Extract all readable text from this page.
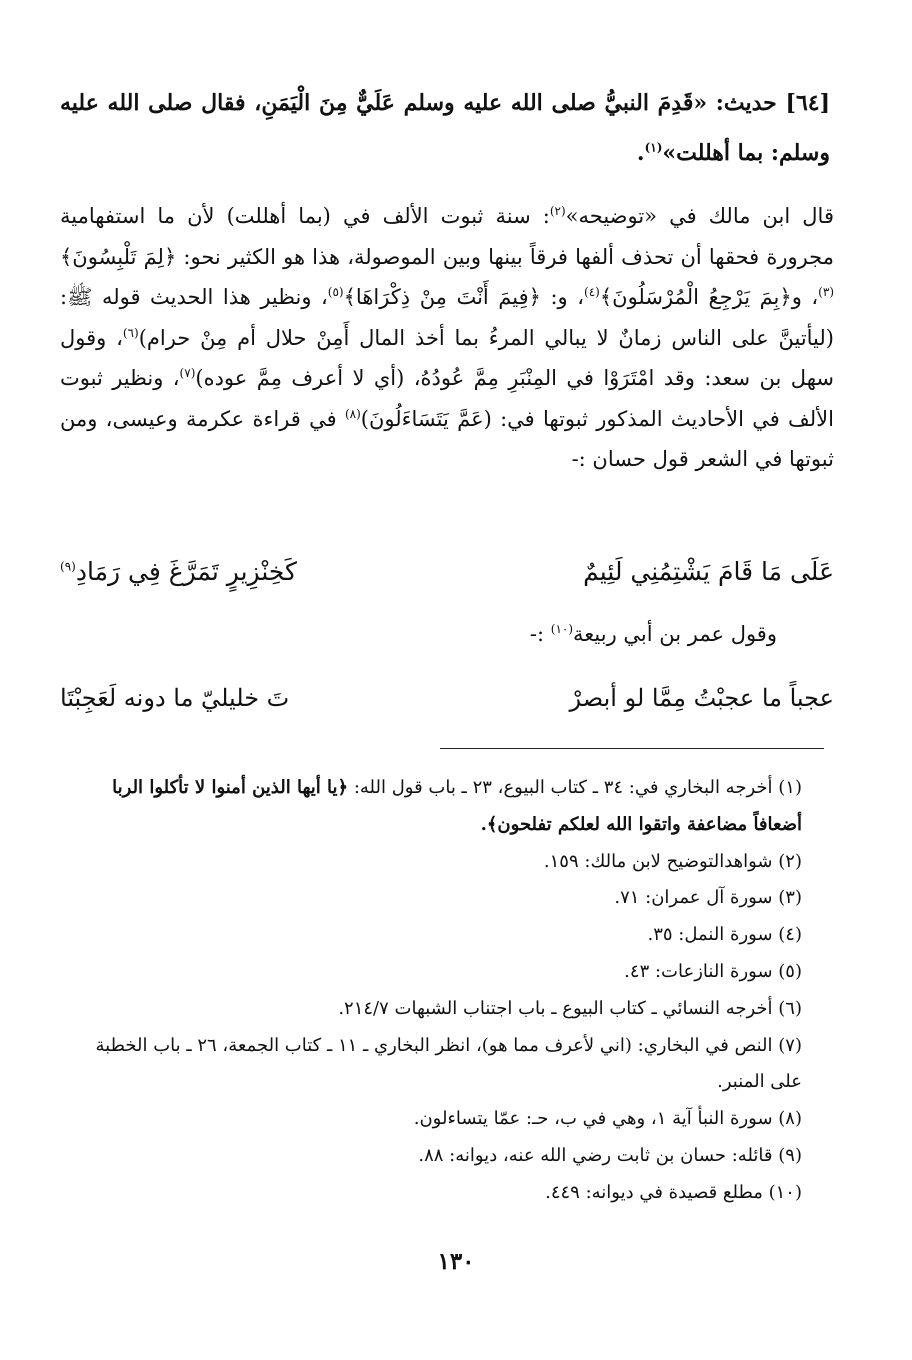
[٦٤] حديث: «قَدِمَ النبيُّ صلى الله عليه وسلم عَلَيٌّ مِنَ الْيَمَنِ، فقال صلى الله عليه وسلم: بما أهللت»$^{(١)}$.

قال ابن مالك في «توضيحه»$^{(٢)}$: سنة ثبوت الألف في (بما أهللت) لأن ما استفهامية مجرورة فحقها أن تحذف ألفها فرقاً بينها وبين الموصولة، هذا هو الكثير نحو: ﴿لِمَ تَلْبِسُونَ﴾$^{(٣)}$، و﴿بِمَ يَرْجِعُ الْمُرْسَلُونَ﴾$^{(٤)}$، و: ﴿فِيمَ أَنْتَ مِنْ ذِكْرَاهَا﴾$^{(٥)}$، ونظير هذا الحديث قوله ﷺ: (ليأتينَّ على الناس زمانٌ لا يبالي المرءُ بما أخذ المال أَمِنْ حلال أم مِنْ حرام)$^{(٦)}$، وقول سهل بن سعد: وقد امْتَرَوْا في المِنْبَرِ مِمَّ عُودُهُ، (أي لا أعرف مِمَّ عوده)$^{(٧)}$، ونظير ثبوت الألف في الأحاديث المذكور ثبوتها في: (عَمَّ يَتَسَاءَلُونَ)$^{(٨)}$ في قراءة عكرمة وعيسى، ومن ثبوتها في الشعر قول حسان :-

عَلَى مَا قَامَ يَشْتِمُنِي لَئِيمٌ
كَخِنْزِيرٍ تَمَرَّغَ فِي رَمَادِ$^{(٩)}$
وقول عمر بن أبي ربيعة$^{(١٠)}$ :-
عجباً ما عجبْتُ مِمَّا لو أبصرْ
تَ خليليّ ما دونه لَعَجِبْتَا

(١) أخرجه البخاري في: ٣٤ ـ كتاب البيوع، ٢٣ ـ باب قول الله: ﴿يا أيها الذين أمنوا لا تأكلوا الربا أضعافاً مضاعفة واتقوا الله لعلكم تفلحون﴾.

(٢) شواهدالتوضيح لابن مالك: ١٥٩.

(٣) سورة آل عمران: ٧١.

(٤) سورة النمل: ٣٥.

(٥) سورة النازعات: ٤٣.

(٦) أخرجه النسائي ـ كتاب البيوع ـ باب اجتناب الشبهات ٢١٤/٧.

(٧) النص في البخاري: (اني لأعرف مما هو)، انظر البخاري ـ ١١ ـ كتاب الجمعة، ٢٦ ـ باب الخطبة على المنبر.

(٨) سورة النبأ آية ١، وهي في ب، حـ: عمّا يتساءلون.

(٩) قائله: حسان بن ثابت رضي الله عنه، ديوانه: ٨٨.

(١٠) مطلع قصيدة في ديوانه: ٤٤٩.

١٣٠
